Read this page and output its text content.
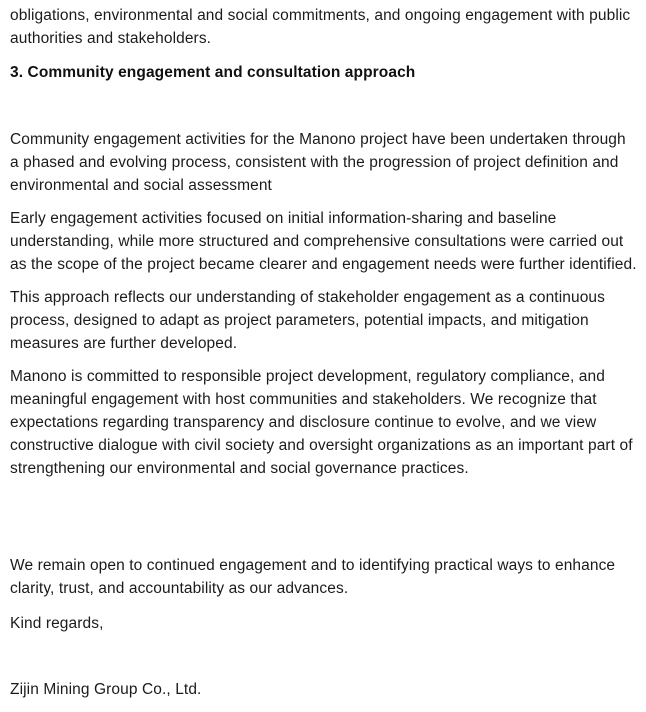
obligations, environmental and social commitments, and ongoing engagement with public authorities and stakeholders.

3. Community engagement and consultation approach

Community engagement activities for the Manono project have been undertaken through a phased and evolving process, consistent with the progression of project definition and environmental and social assessment

Early engagement activities focused on initial information-sharing and baseline understanding, while more structured and comprehensive consultations were carried out as the scope of the project became clearer and engagement needs were further identified.

This approach reflects our understanding of stakeholder engagement as a continuous process, designed to adapt as project parameters, potential impacts, and mitigation measures are further developed.

Manono is committed to responsible project development, regulatory compliance, and meaningful engagement with host communities and stakeholders. We recognize that expectations regarding transparency and disclosure continue to evolve, and we view constructive dialogue with civil society and oversight organizations as an important part of strengthening our environmental and social governance practices.

We remain open to continued engagement and to identifying practical ways to enhance clarity, trust, and accountability as our advances.

Kind regards,

Zijin Mining Group Co., Ltd.
